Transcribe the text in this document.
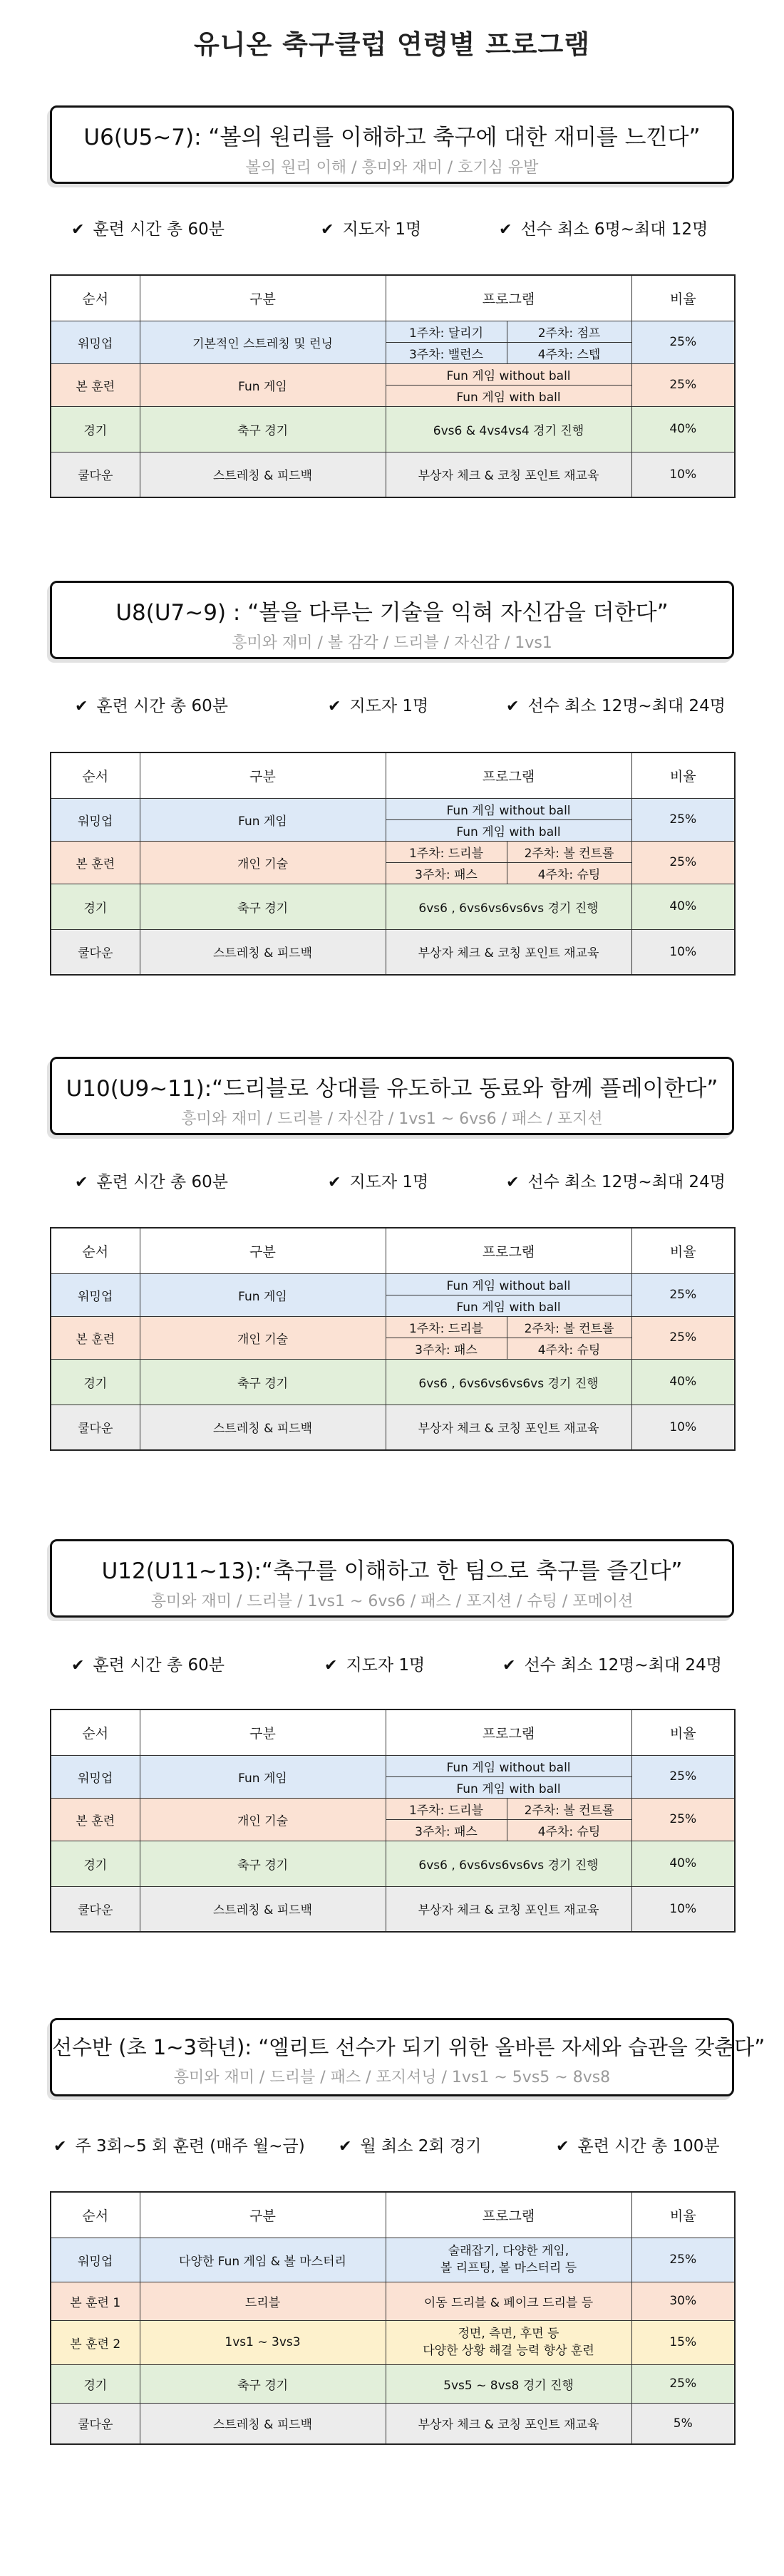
유니온 축구클럽 연령별 프로그램
U6(U5~7): “볼의 원리를 이해하고 축구에 대한 재미를 느낀다”
볼의 원리 이해 / 흥미와 재미 / 호기심 유발
✔ 훈련 시간 총 60분	✔ 지도자 1명	✔ 선수 최소 6명~최대 12명
순서	구분	프로그램		비율
워밍업	기본적인 스트레칭 및 런닝	1주차: 달리기	2주차: 점프	25%
		3주차: 밸런스	4주차: 스텝	
본 훈련	Fun 게임	Fun 게임 without ball		25%
		Fun 게임 with ball		
경기	축구 경기	6vs6 & 4vs4vs4 경기 진행		40%
쿨다운	스트레칭 & 피드백	부상자 체크 & 코칭 포인트 재교육		10%
U8(U7~9) : “볼을 다루는 기술을 익혀 자신감을 더한다”
흥미와 재미 / 볼 감각 / 드리블 / 자신감 / 1vs1
✔ 훈련 시간 총 60분	✔ 지도자 1명	✔ 선수 최소 12명~최대 24명
순서	구분	프로그램		비율
워밍업	Fun 게임	Fun 게임 without ball		25%
		Fun 게임 with ball		
본 훈련	개인 기술	1주차: 드리블	2주차: 볼 컨트롤	25%
		3주차: 패스	4주차: 슈팅	
경기	축구 경기	6vs6 , 6vs6vs6vs6vs 경기 진행		40%
쿨다운	스트레칭 & 피드백	부상자 체크 & 코칭 포인트 재교육		10%
U10(U9~11):“드리블로 상대를 유도하고 동료와 함께 플레이한다”
흥미와 재미 / 드리블 / 자신감 / 1vs1 ~ 6vs6 / 패스 / 포지션
✔ 훈련 시간 총 60분	✔ 지도자 1명	✔ 선수 최소 12명~최대 24명
순서	구분	프로그램		비율
워밍업	Fun 게임	Fun 게임 without ball		25%
		Fun 게임 with ball		
본 훈련	개인 기술	1주차: 드리블	2주차: 볼 컨트롤	25%
		3주차: 패스	4주차: 슈팅	
경기	축구 경기	6vs6 , 6vs6vs6vs6vs 경기 진행		40%
쿨다운	스트레칭 & 피드백	부상자 체크 & 코칭 포인트 재교육		10%
U12(U11~13):“축구를 이해하고 한 팀으로 축구를 즐긴다”
흥미와 재미 / 드리블 / 1vs1 ~ 6vs6 / 패스 / 포지션 / 슈팅 / 포메이션
✔ 훈련 시간 총 60분	✔ 지도자 1명	✔ 선수 최소 12명~최대 24명
순서	구분	프로그램		비율
워밍업	Fun 게임	Fun 게임 without ball		25%
		Fun 게임 with ball		
본 훈련	개인 기술	1주차: 드리블	2주차: 볼 컨트롤	25%
		3주차: 패스	4주차: 슈팅	
경기	축구 경기	6vs6 , 6vs6vs6vs6vs 경기 진행		40%
쿨다운	스트레칭 & 피드백	부상자 체크 & 코칭 포인트 재교육		10%
선수반 (초 1~3학년): “엘리트 선수가 되기 위한 올바른 자세와 습관을 갖춘다”
흥미와 재미 / 드리블 / 패스 / 포지셔닝 / 1vs1 ~ 5vs5 ~ 8vs8
✔ 주 3회~5 회 훈련 (매주 월~금) ✔ 월 최소 2회 경기	✔ 훈련 시간 총 100분
순서	구분	프로그램	비율
워밍업	다양한 Fun 게임 & 볼 마스터리	술래잡기, 다양한 게임,
볼 리프팅, 볼 마스터리 등	25%
본 훈련 1	드리블	이동 드리블 & 페이크 드리블 등	30%
본 훈련 2	1vs1 ~ 3vs3	정면, 측면, 후면 등
다양한 상황 해결 능력 향상 훈련	15%
경기	축구 경기	5vs5 ~ 8vs8 경기 진행	25%
쿨다운	스트레칭 & 피드백	부상자 체크 & 코칭 포인트 재교육	5%
